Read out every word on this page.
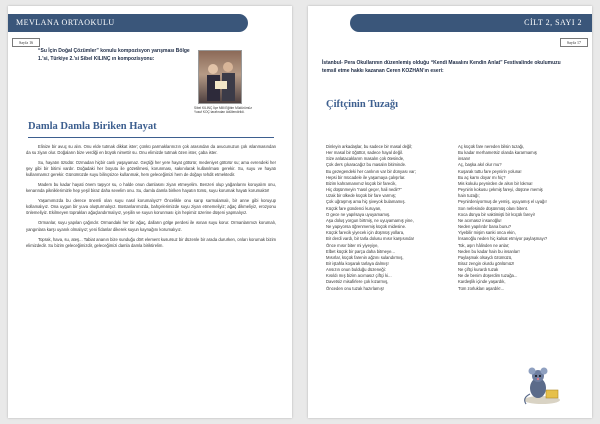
MEVLANA ORTAOKULU
Sayfa 16
“Su İçin Doğal Çözümler” konulu kompozisyon yarışması Bölge 1.’si, Türkiye 2.’si Sibel KILINÇ ın kompozisyonu:
Sibel KILINÇ İlçe Milli Eğitim Müdürümüz Yusuf KOÇ tarafından ödüllendirildi.
Damla Damla Biriken Hayat

Elinize bir avuç su alın. Onu elde tutmak dikkat ister; çünkü parmaklarınızın çok arasından da avucunuzun çok ıslanmasından da su ziyan olur. Doğaların bize verdiği en büyük nimettir su. Onu elimizde tutmak özen ister, çaba ister.

Su, hayatın özüdür. Ozmadan hiçbir canlı yaşayamaz. Geçtiği her yere hayat götürür, medeniyet götürür su; ama evrendeki her şey gibi bir bitimi vardır. Doğadaki her boyutu ile gözetilmesi, korunması, sakınılarak kullanılması gerekir. Su, suyu ve hayatı kullanmamız gerekir. Günümüzde suyu bilinçsizce kullanmak, hem geleceğimizi hem de doğayı tehdit etmektedir.

Madem bu kadar hayati önem taşıyor su, o halde onun damlasını ziyan etmeyelim. Benzeri olup yağanlarını koruyalım onu, kenarında pikniklerimizle hep yeşil biraz daha sevelim onu. Su, damla damla biriken hayatın tümü, suyu korumak hayatı korumaktır!

Yaşamımızda bu derece önemli olan suyu nasıl korumalıyız? Öncelikle onu sarıp sarmalamalı, bir anne gibi koruyup kollamalıyız. Ona uygun bir yuva oluşturmalıyız. Bostanlarımızda, bahçelerimizde suyu ziyan etmemeliyiz; ağaç dikmeliyiz, erozyonu önlemeliyiz. Ekilmeyen toprakları ağaçlandırmalıyız, yeşilin ve suyun korunması için hepimiz üzerine düşeni yapmalıyız.

Ormanlar, suyu yapılan çağındır. Ormandaki her bir ağaç, dalların gölge perdesi ile ısınan suyu korur. Ormanlarımızı korumalı, yangınlara karşı uyanık olmalıyız; yeni fidanlar dikerek suyun kaynağını korumalıyız.

Toprak, hava, su, ateş... Tabiat ananın bize sunduğu dört element kusursuz bir düzenle bir arada dururken, onları korumak bizim elimizdedir. Su bizim geleceğimizdir, geleceğimizi damla damla biriktirelim.

CİLT 2, SAYI 2
Sayfa 17
İstanbul- Pera Okullarının düzenlemiş olduğu “Kendi Masalını Kendin Anlat” Festivalinde okulumuzu temsil etme hakkı kazanan Ceren KOZHAN’ın eseri:
Çiftçinin Tuzağı
Dinleyin arkadaşlar, bu sadece bir masal değil;
Her masal bir öğüttür, sadece hayal değil.
Size anlatacaklarım masalın çok ötesinde,
Çok ders çıkaracağız bu masalın bitiminde.
Bu gezegendeki her canlının var bir dünyası var;
Hepsi bir mücadele ile yaşamaya çalışırlar.
Bizim kahramanımız küçük bir farecik,
Hiç düşünmeyin “nasıl geçer, hali nedir?”
Uzak bir ülkede küçük bir fare varmış;
Çok uğraşmış ama hiç şiveyok bulamamış.
Küçük fare gündenci kuruyan,
O gece ne yapılsaya uyuyamamış.
Aşa doluş yorgun birtmiş, ne uyuyamamış yine,
Ne yapıyorsa öğrenmemiş küçük midesine.
Küçük farecik yiyecek için düşmüş yollara,
Bir derdi vardı, bir tarla dolusu mısır karşısında!
Önce mısır biter mi yiyeyiye,
Elbet küçük bir parça daha bitmeye...
Mısırlar, küçük farenin ağzını sulandırmış,
Bir iştahla koşarak tarlaya dalmış!
Ansızın onun bulduğu düzeneği:
Kısıldı mış bizim acımasız çiftçi ki...
Davetsiz misafirlere çok kızarmış,
Önceden onu tuzak hazırlamış!
Aç küçük fare nereden bilsin tuzağı,
Bu kadar merhametsiz olanda kararmamış
insanı!
Aç, başka akıl olur mu?
Kuşarak tuttu fare peynirin yoluna!
Bu aç karnı doyar mı hiç?
Mis kokulu peynirden de alsın bir lokma!
Peynirin kokusu çekmiş fareyi, düşüne memiş
hain tuzağı;
Peynirdeniyormuş de yemiş, uyuyamış el uyağı!
Son nefesinde düşünmüş olanı bitent.
Koca dünya bir vaktimişti bir küçük fareyi!
Ne acımasız insanoğlu!
Neden yapılırdır bana bunu?
Yiyebilir mişim sanki onca ekin,
İnsanoğlu neden hiç kalsat etmiyor paylaşmayı?
Tok, aşırı hâlinden ne anlar;
Neden bu kadar hain bu insanlar!
Paylaşmak olsaydı özümüzü,
Biraz zengin olurdu gönlümüz!
Ne çiftçi kurardı tuzak
Ne de benim düşerdim tuzağa...
Kardeşlik içinde yaşardık,
Tüm zorlukları aşardık!...
